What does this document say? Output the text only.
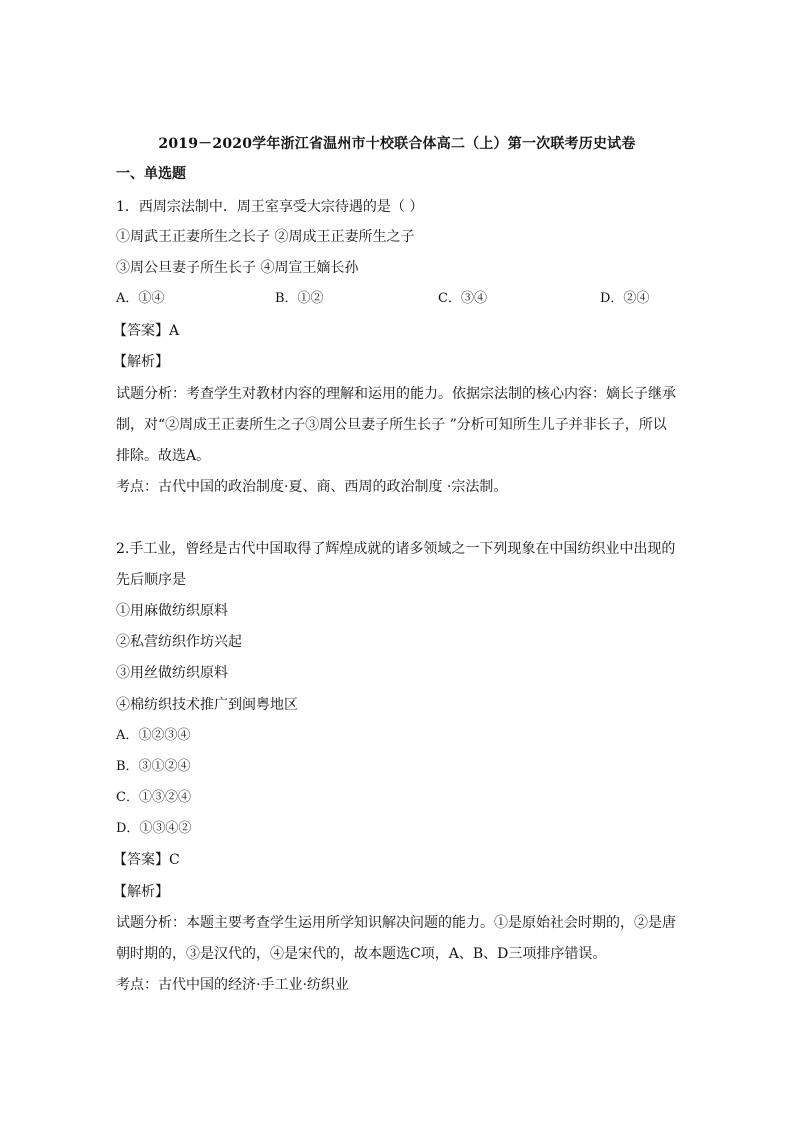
2019－2020学年浙江省温州市十校联合体高二（上）第一次联考历史试卷
一、单选题
1．西周宗法制中．周王室享受大宗待遇的是（ ）
①周武王正妻所生之长子 ②周成王正妻所生之子
③周公旦妻子所生长子 ④周宣王嫡长孙
A．①④	B．①②	C．③④	D．②④
【答案】A
【解析】
试题分析：考查学生对教材内容的理解和运用的能力。依据宗法制的核心内容：嫡长子继承
制，对“②周成王正妻所生之子③周公旦妻子所生长子 ”分析可知所生儿子并非长子，所以
排除。故选A。
考点：古代中国的政治制度·夏、商、西周的政治制度 ·宗法制。
2.手工业，曾经是古代中国取得了辉煌成就的诸多领域之一下列现象在中国纺织业中出现的
先后顺序是
①用麻做纺织原料
②私营纺织作坊兴起
③用丝做纺织原料
④棉纺织技术推广到闽粤地区
A．①②③④
B．③①②④
C．①③②④
D．①③④②
【答案】C
【解析】
试题分析：本题主要考查学生运用所学知识解决问题的能力。①是原始社会时期的，②是唐
朝时期的，③是汉代的，④是宋代的，故本题选C项，A、B、D三项排序错误。
考点：古代中国的经济·手工业·纺织业
